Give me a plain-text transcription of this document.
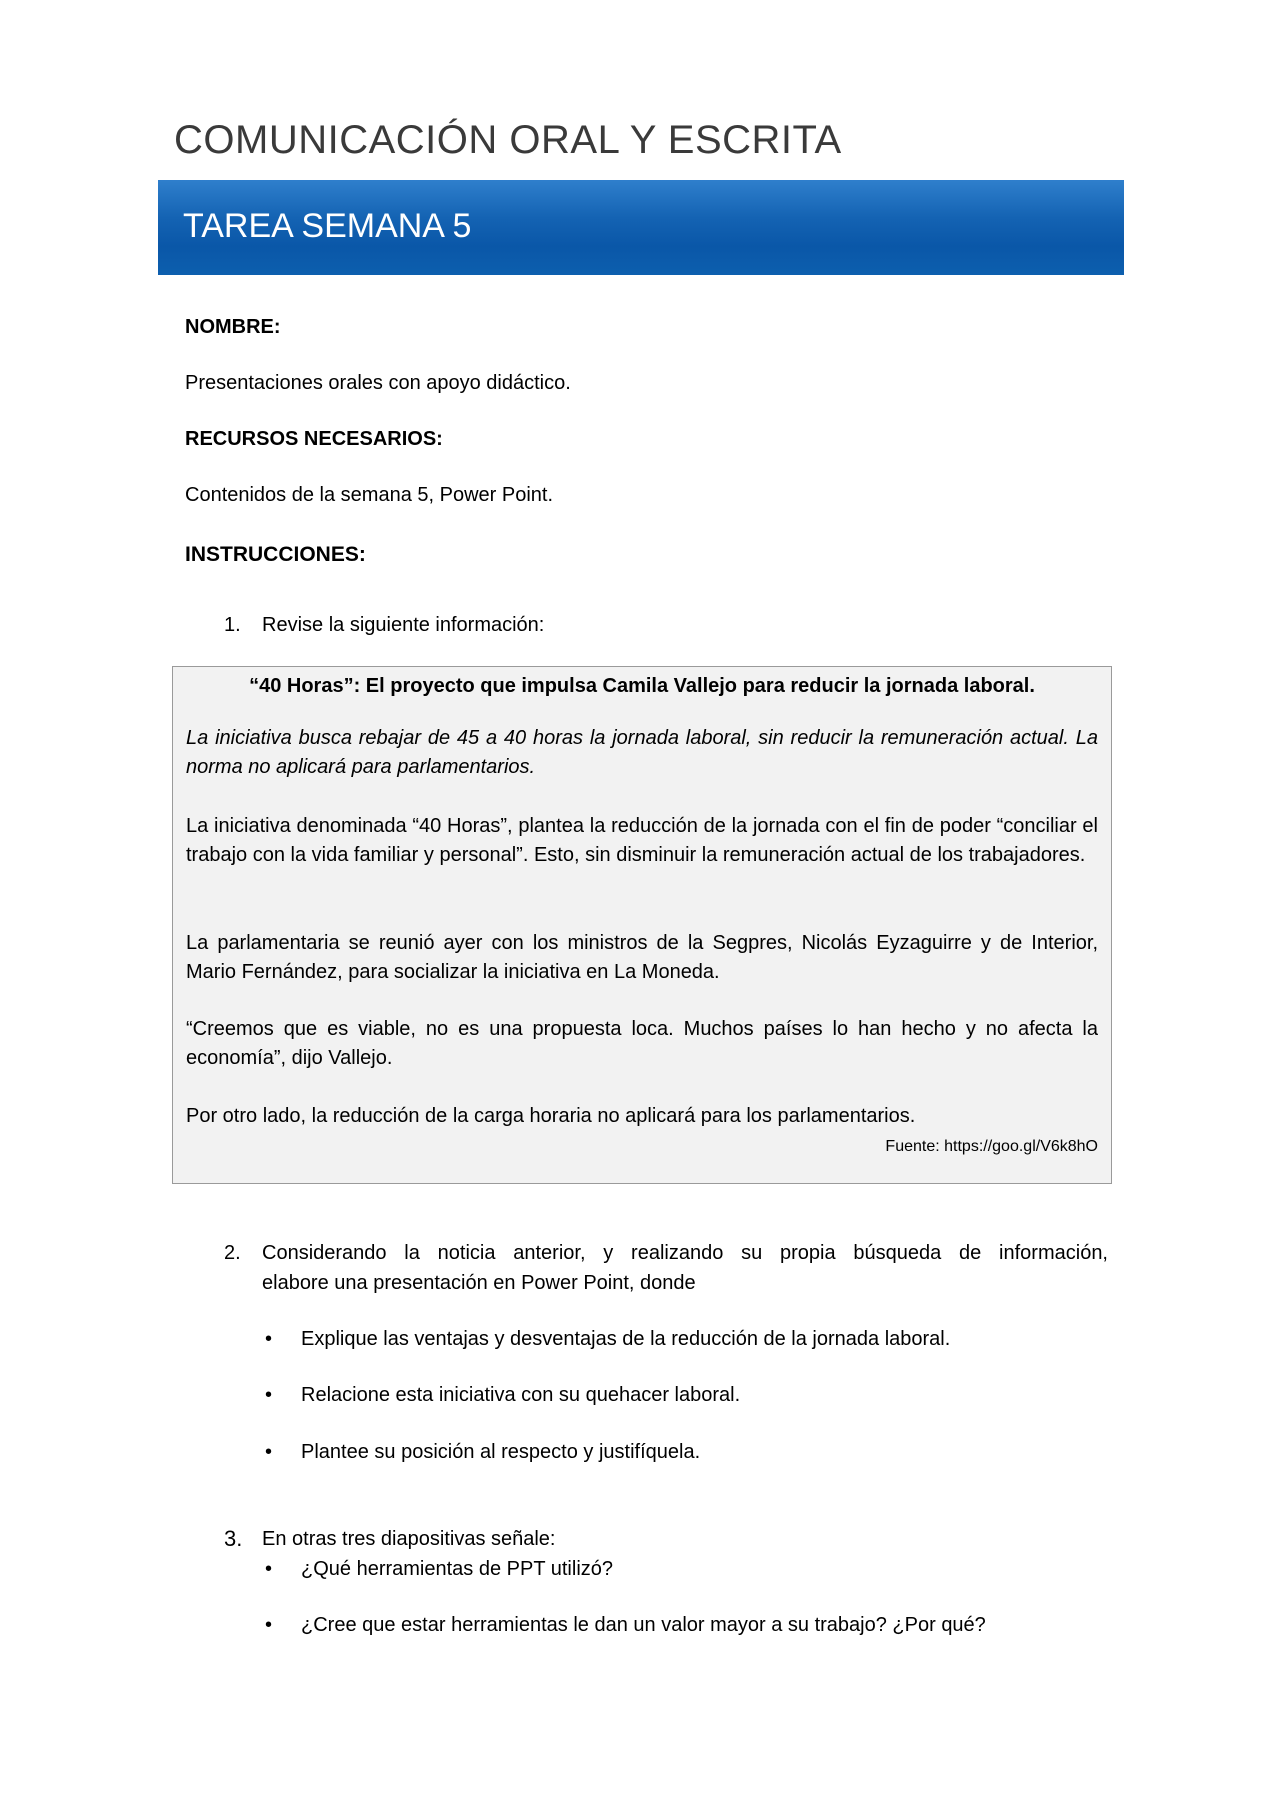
COMUNICACIÓN ORAL Y ESCRITA
TAREA SEMANA 5
NOMBRE:
Presentaciones orales con apoyo didáctico.
RECURSOS NECESARIOS:
Contenidos de la semana 5, Power Point.
INSTRUCCIONES:
1. Revise la siguiente información:
“40 Horas”: El proyecto que impulsa Camila Vallejo para reducir la jornada laboral.
La iniciativa busca rebajar de 45 a 40 horas la jornada laboral, sin reducir la remuneración actual. La norma no aplicará para parlamentarios.
La iniciativa denominada “40 Horas”, plantea la reducción de la jornada con el fin de poder “conciliar el trabajo con la vida familiar y personal”. Esto, sin disminuir la remuneración actual de los trabajadores.
La parlamentaria se reunió ayer con los ministros de la Segpres, Nicolás Eyzaguirre y de Interior, Mario Fernández, para socializar la iniciativa en La Moneda.
“Creemos que es viable, no es una propuesta loca. Muchos países lo han hecho y no afecta la economía”, dijo Vallejo.
Por otro lado, la reducción de la carga horaria no aplicará para los parlamentarios.
Fuente: https://goo.gl/V6k8hO
2. Considerando la noticia anterior, y realizando su propia búsqueda de información,
elabore una presentación en Power Point, donde
• Explique las ventajas y desventajas de la reducción de la jornada laboral.
• Relacione esta iniciativa con su quehacer laboral.
• Plantee su posición al respecto y justifíquela.
3. En otras tres diapositivas señale:
• ¿Qué herramientas de PPT utilizó?
• ¿Cree que estar herramientas le dan un valor mayor a su trabajo? ¿Por qué?
